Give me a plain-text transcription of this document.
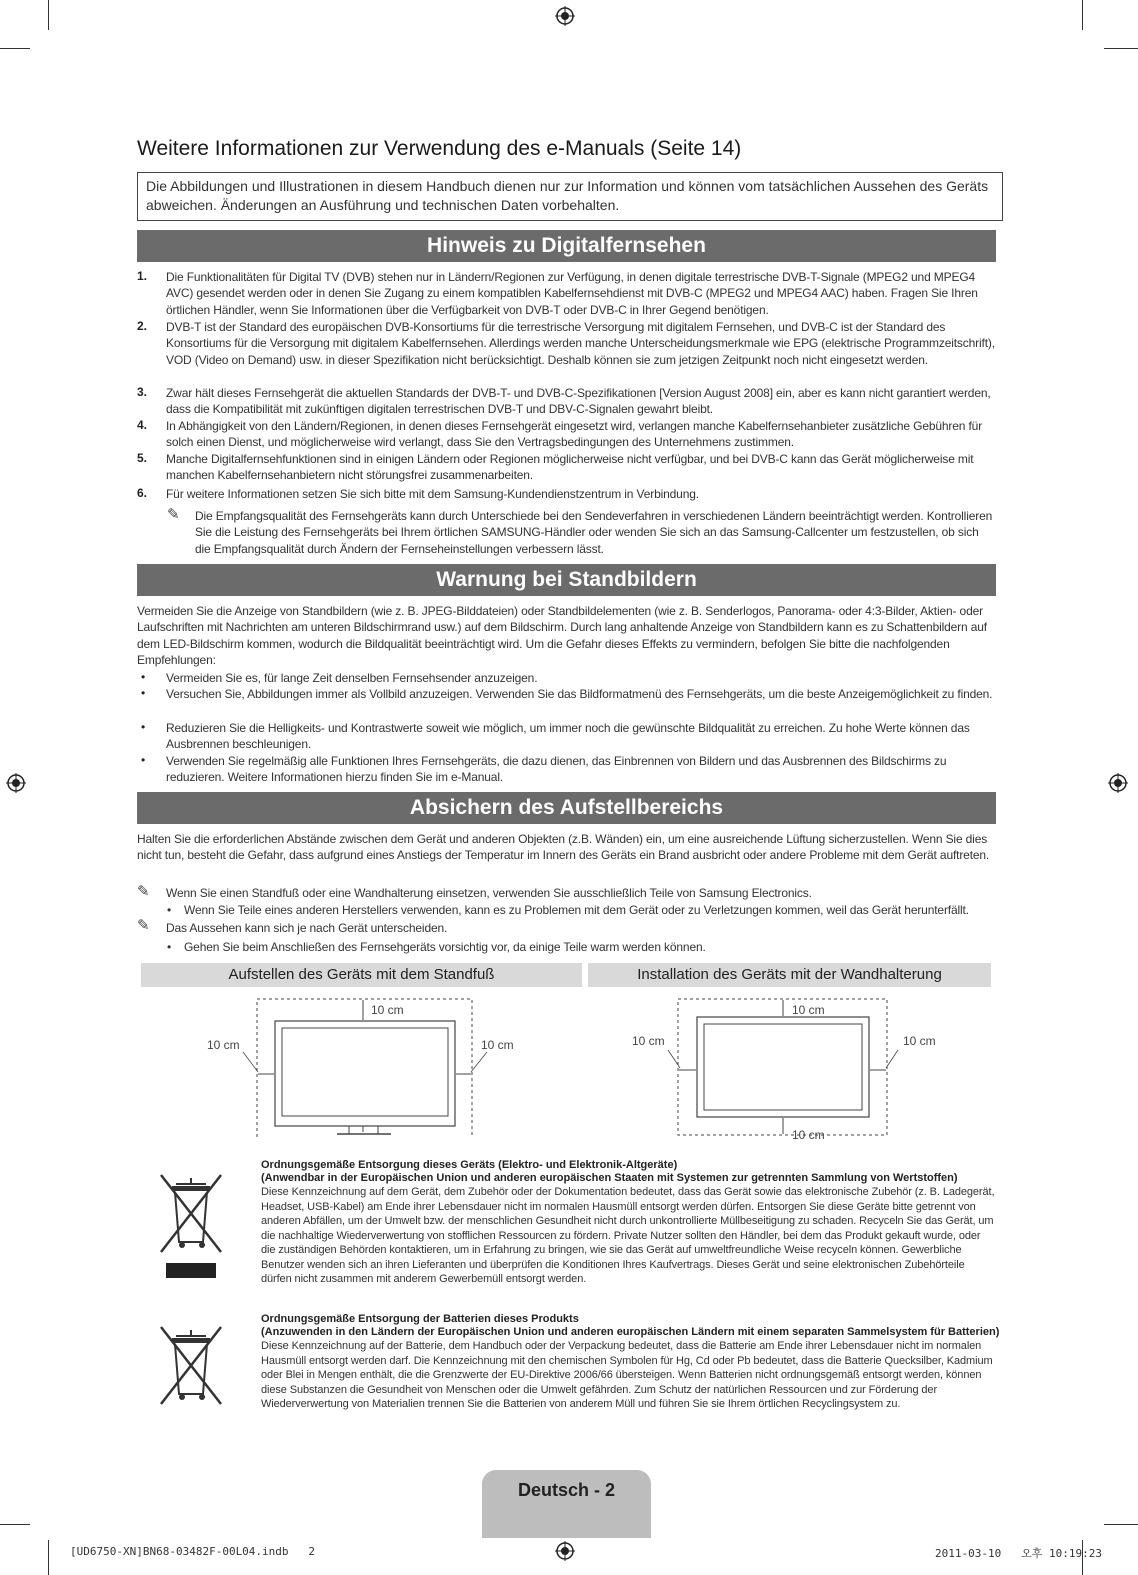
Weitere Informationen zur Verwendung des e-Manuals (Seite 14)
Die Abbildungen und Illustrationen in diesem Handbuch dienen nur zur Information und können vom tatsächlichen Aussehen des Geräts abweichen. Änderungen an Ausführung und technischen Daten vorbehalten.
Hinweis zu Digitalfernsehen
1. Die Funktionalitäten für Digital TV (DVB) stehen nur in Ländern/Regionen zur Verfügung, in denen digitale terrestrische DVB-T-Signale (MPEG2 und MPEG4 AVC) gesendet werden oder in denen Sie Zugang zu einem kompatiblen Kabelfernsehdienst mit DVB-C (MPEG2 und MPEG4 AAC) haben. Fragen Sie Ihren örtlichen Händler, wenn Sie Informationen über die Verfügbarkeit von DVB-T oder DVB-C in Ihrer Gegend benötigen.
2. DVB-T ist der Standard des europäischen DVB-Konsortiums für die terrestrische Versorgung mit digitalem Fernsehen, und DVB-C ist der Standard des Konsortiums für die Versorgung mit digitalem Kabelfernsehen. Allerdings werden manche Unterscheidungsmerkmale wie EPG (elektrische Programmzeitschrift), VOD (Video on Demand) usw. in dieser Spezifikation nicht berücksichtigt. Deshalb können sie zum jetzigen Zeitpunkt noch nicht eingesetzt werden.
3. Zwar hält dieses Fernsehgerät die aktuellen Standards der DVB-T- und DVB-C-Spezifikationen [Version August 2008] ein, aber es kann nicht garantiert werden, dass die Kompatibilität mit zukünftigen digitalen terrestrischen DVB-T und DBV-C-Signalen gewahrt bleibt.
4. In Abhängigkeit von den Ländern/Regionen, in denen dieses Fernsehgerät eingesetzt wird, verlangen manche Kabelfernsehanbieter zusätzliche Gebühren für solch einen Dienst, und möglicherweise wird verlangt, dass Sie den Vertragsbedingungen des Unternehmens zustimmen.
5. Manche Digitalfernsehfunktionen sind in einigen Ländern oder Regionen möglicherweise nicht verfügbar, und bei DVB-C kann das Gerät möglicherweise mit manchen Kabelfernsehanbietern nicht störungsfrei zusammenarbeiten.
6. Für weitere Informationen setzen Sie sich bitte mit dem Samsung-Kundendienstzentrum in Verbindung.
✎ Die Empfangsqualität des Fernsehgeräts kann durch Unterschiede bei den Sendeverfahren in verschiedenen Ländern beeinträchtigt werden. Kontrollieren Sie die Leistung des Fernsehgeräts bei Ihrem örtlichen SAMSUNG-Händler oder wenden Sie sich an das Samsung-Callcenter um festzustellen, ob sich die Empfangsqualität durch Ändern der Fernseheinstellungen verbessern lässt.
Warnung bei Standbildern
Vermeiden Sie die Anzeige von Standbildern (wie z. B. JPEG-Bilddateien) oder Standbildelementen (wie z. B. Senderlogos, Panorama- oder 4:3-Bilder, Aktien- oder Laufschriften mit Nachrichten am unteren Bildschirmrand usw.) auf dem Bildschirm. Durch lang anhaltende Anzeige von Standbildern kann es zu Schattenbildern auf dem LED-Bildschirm kommen, wodurch die Bildqualität beeinträchtigt wird. Um die Gefahr dieses Effekts zu vermindern, befolgen Sie bitte die nachfolgenden Empfehlungen:
• Vermeiden Sie es, für lange Zeit denselben Fernsehsender anzuzeigen.
• Versuchen Sie, Abbildungen immer als Vollbild anzuzeigen. Verwenden Sie das Bildformatmenü des Fernsehgeräts, um die beste Anzeigemöglichkeit zu finden.
• Reduzieren Sie die Helligkeits- und Kontrastwerte soweit wie möglich, um immer noch die gewünschte Bildqualität zu erreichen. Zu hohe Werte können das Ausbrennen beschleunigen.
• Verwenden Sie regelmäßig alle Funktionen Ihres Fernsehgeräts, die dazu dienen, das Einbrennen von Bildern und das Ausbrennen des Bildschirms zu reduzieren. Weitere Informationen hierzu finden Sie im e-Manual.
Absichern des Aufstellbereichs
Halten Sie die erforderlichen Abstände zwischen dem Gerät und anderen Objekten (z.B. Wänden) ein, um eine ausreichende Lüftung sicherzustellen. Wenn Sie dies nicht tun, besteht die Gefahr, dass aufgrund eines Anstiegs der Temperatur im Innern des Geräts ein Brand ausbricht oder andere Probleme mit dem Gerät auftreten.
✎ Wenn Sie einen Standfuß oder eine Wandhalterung einsetzen, verwenden Sie ausschließlich Teile von Samsung Electronics.
• Wenn Sie Teile eines anderen Herstellers verwenden, kann es zu Problemen mit dem Gerät oder zu Verletzungen kommen, weil das Gerät herunterfällt.
✎ Das Aussehen kann sich je nach Gerät unterscheiden.
• Gehen Sie beim Anschließen des Fernsehgeräts vorsichtig vor, da einige Teile warm werden können.
Aufstellen des Geräts mit dem Standfuß	Installation des Geräts mit der Wandhalterung
10 cm
10 cm	10 cm
10 cm
10 cm	10 cm
10 cm
Ordnungsgemäße Entsorgung dieses Geräts (Elektro- und Elektronik-Altgeräte)
(Anwendbar in der Europäischen Union und anderen europäischen Staaten mit Systemen zur getrennten Sammlung von Wertstoffen)
Diese Kennzeichnung auf dem Gerät, dem Zubehör oder der Dokumentation bedeutet, dass das Gerät sowie das elektronische Zubehör (z. B. Ladegerät, Headset, USB-Kabel) am Ende ihrer Lebensdauer nicht im normalen Hausmüll entsorgt werden dürfen. Entsorgen Sie diese Geräte bitte getrennt von anderen Abfällen, um der Umwelt bzw. der menschlichen Gesundheit nicht durch unkontrollierte Müllbeseitigung zu schaden. Recyceln Sie das Gerät, um die nachhaltige Wiederverwertung von stofflichen Ressourcen zu fördern. Private Nutzer sollten den Händler, bei dem das Produkt gekauft wurde, oder die zuständigen Behörden kontaktieren, um in Erfahrung zu bringen, wie sie das Gerät auf umweltfreundliche Weise recyceln können. Gewerbliche Benutzer wenden sich an ihren Lieferanten und überprüfen die Konditionen Ihres Kaufvertrags. Dieses Gerät und seine elektronischen Zubehörteile dürfen nicht zusammen mit anderem Gewerbemüll entsorgt werden.
Ordnungsgemäße Entsorgung der Batterien dieses Produkts
(Anzuwenden in den Ländern der Europäischen Union und anderen europäischen Ländern mit einem separaten Sammelsystem für Batterien)
Diese Kennzeichnung auf der Batterie, dem Handbuch oder der Verpackung bedeutet, dass die Batterie am Ende ihrer Lebensdauer nicht im normalen Hausmüll entsorgt werden darf. Die Kennzeichnung mit den chemischen Symbolen für Hg, Cd oder Pb bedeutet, dass die Batterie Quecksilber, Kadmium oder Blei in Mengen enthält, die die Grenzwerte der EU-Direktive 2006/66 übersteigen. Wenn Batterien nicht ordnungsgemäß entsorgt werden, können diese Substanzen die Gesundheit von Menschen oder die Umwelt gefährden. Zum Schutz der natürlichen Ressourcen und zur Förderung der Wiederverwertung von Materialien trennen Sie die Batterien von anderem Müll und führen Sie sie Ihrem örtlichen Recyclingsystem zu.
Deutsch - 2
[UD6750-XN]BN68-03482F-00L04.indb   2	2011-03-10   오후 10:19:23
